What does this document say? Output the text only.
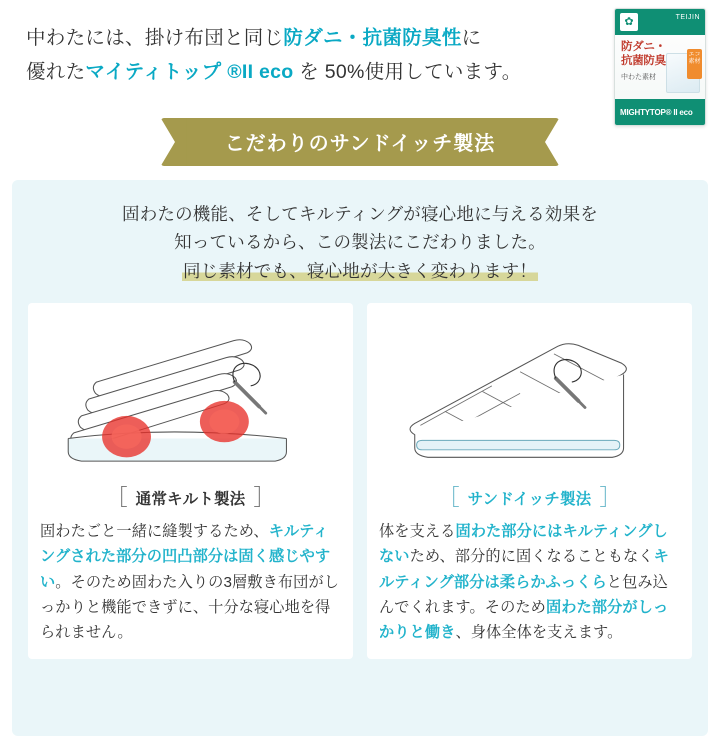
中わたには、掛け布団と同じ防ダニ・抗菌防臭性に
優れたマイティトップ ®II eco を 50%使用しています。
✿	TEIJIN
防ダニ・
抗菌防臭
中わた素材
エコ素材
MIGHTYTOP® II eco
こだわりのサンドイッチ製法
固わたの機能、そしてキルティングが寝心地に与える効果を
知っているから、この製法にこだわりました。
同じ素材でも、寝心地が大きく変わります！
［ 通常キルト製法 ］
固わたごと一緒に縫製するため、キルティングされた部分の凹凸部分は固く感じやすい。そのため固わた入りの3層敷き布団がしっかりと機能できずに、十分な寝心地を得られません。
［ サンドイッチ製法 ］
体を支える固わた部分にはキルティングしないため、部分的に固くなることもなくキルティング部分は柔らかふっくらと包み込んでくれます。そのため固わた部分がしっかりと働き、身体全体を支えます。
